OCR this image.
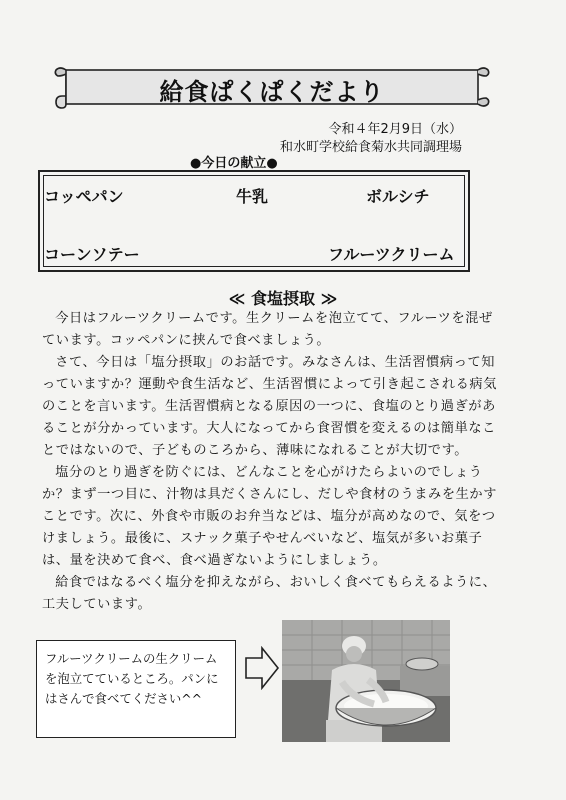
給食ぱくぱくだより
令和４年2月9日（水）
和水町学校給食菊水共同調理場
●今日の献立●
コッペパン	牛乳	ボルシチ
コーンソテー	フルーツクリーム
≪ 食塩摂取 ≫

今日はフルーツクリームです。生クリームを泡立てて、フルーツを混ぜています。コッペパンに挟んで食べましょう。

さて、今日は「塩分摂取」のお話です。みなさんは、生活習慣病って知っていますか？運動や食生活など、生活習慣によって引き起こされる病気のことを言います。生活習慣病となる原因の一つに、食塩のとり過ぎがあることが分かっています。大人になってから食習慣を変えるのは簡単なことではないので、子どものころから、薄味になれることが大切です。

塩分のとり過ぎを防ぐには、どんなことを心がけたらよいのでしょうか？まず一つ目に、汁物は具だくさんにし、だしや食材のうまみを生かすことです。次に、外食や市販のお弁当などは、塩分が高めなので、気をつけましょう。最後に、スナック菓子やせんべいなど、塩気が多いお菓子は、量を決めて食べ、食べ過ぎないようにしましょう。

給食ではなるべく塩分を抑えながら、おいしく食べてもらえるように、工夫しています。

フルーツクリームの生クリームを泡立てているところ。パンにはさんで食べてください^^
